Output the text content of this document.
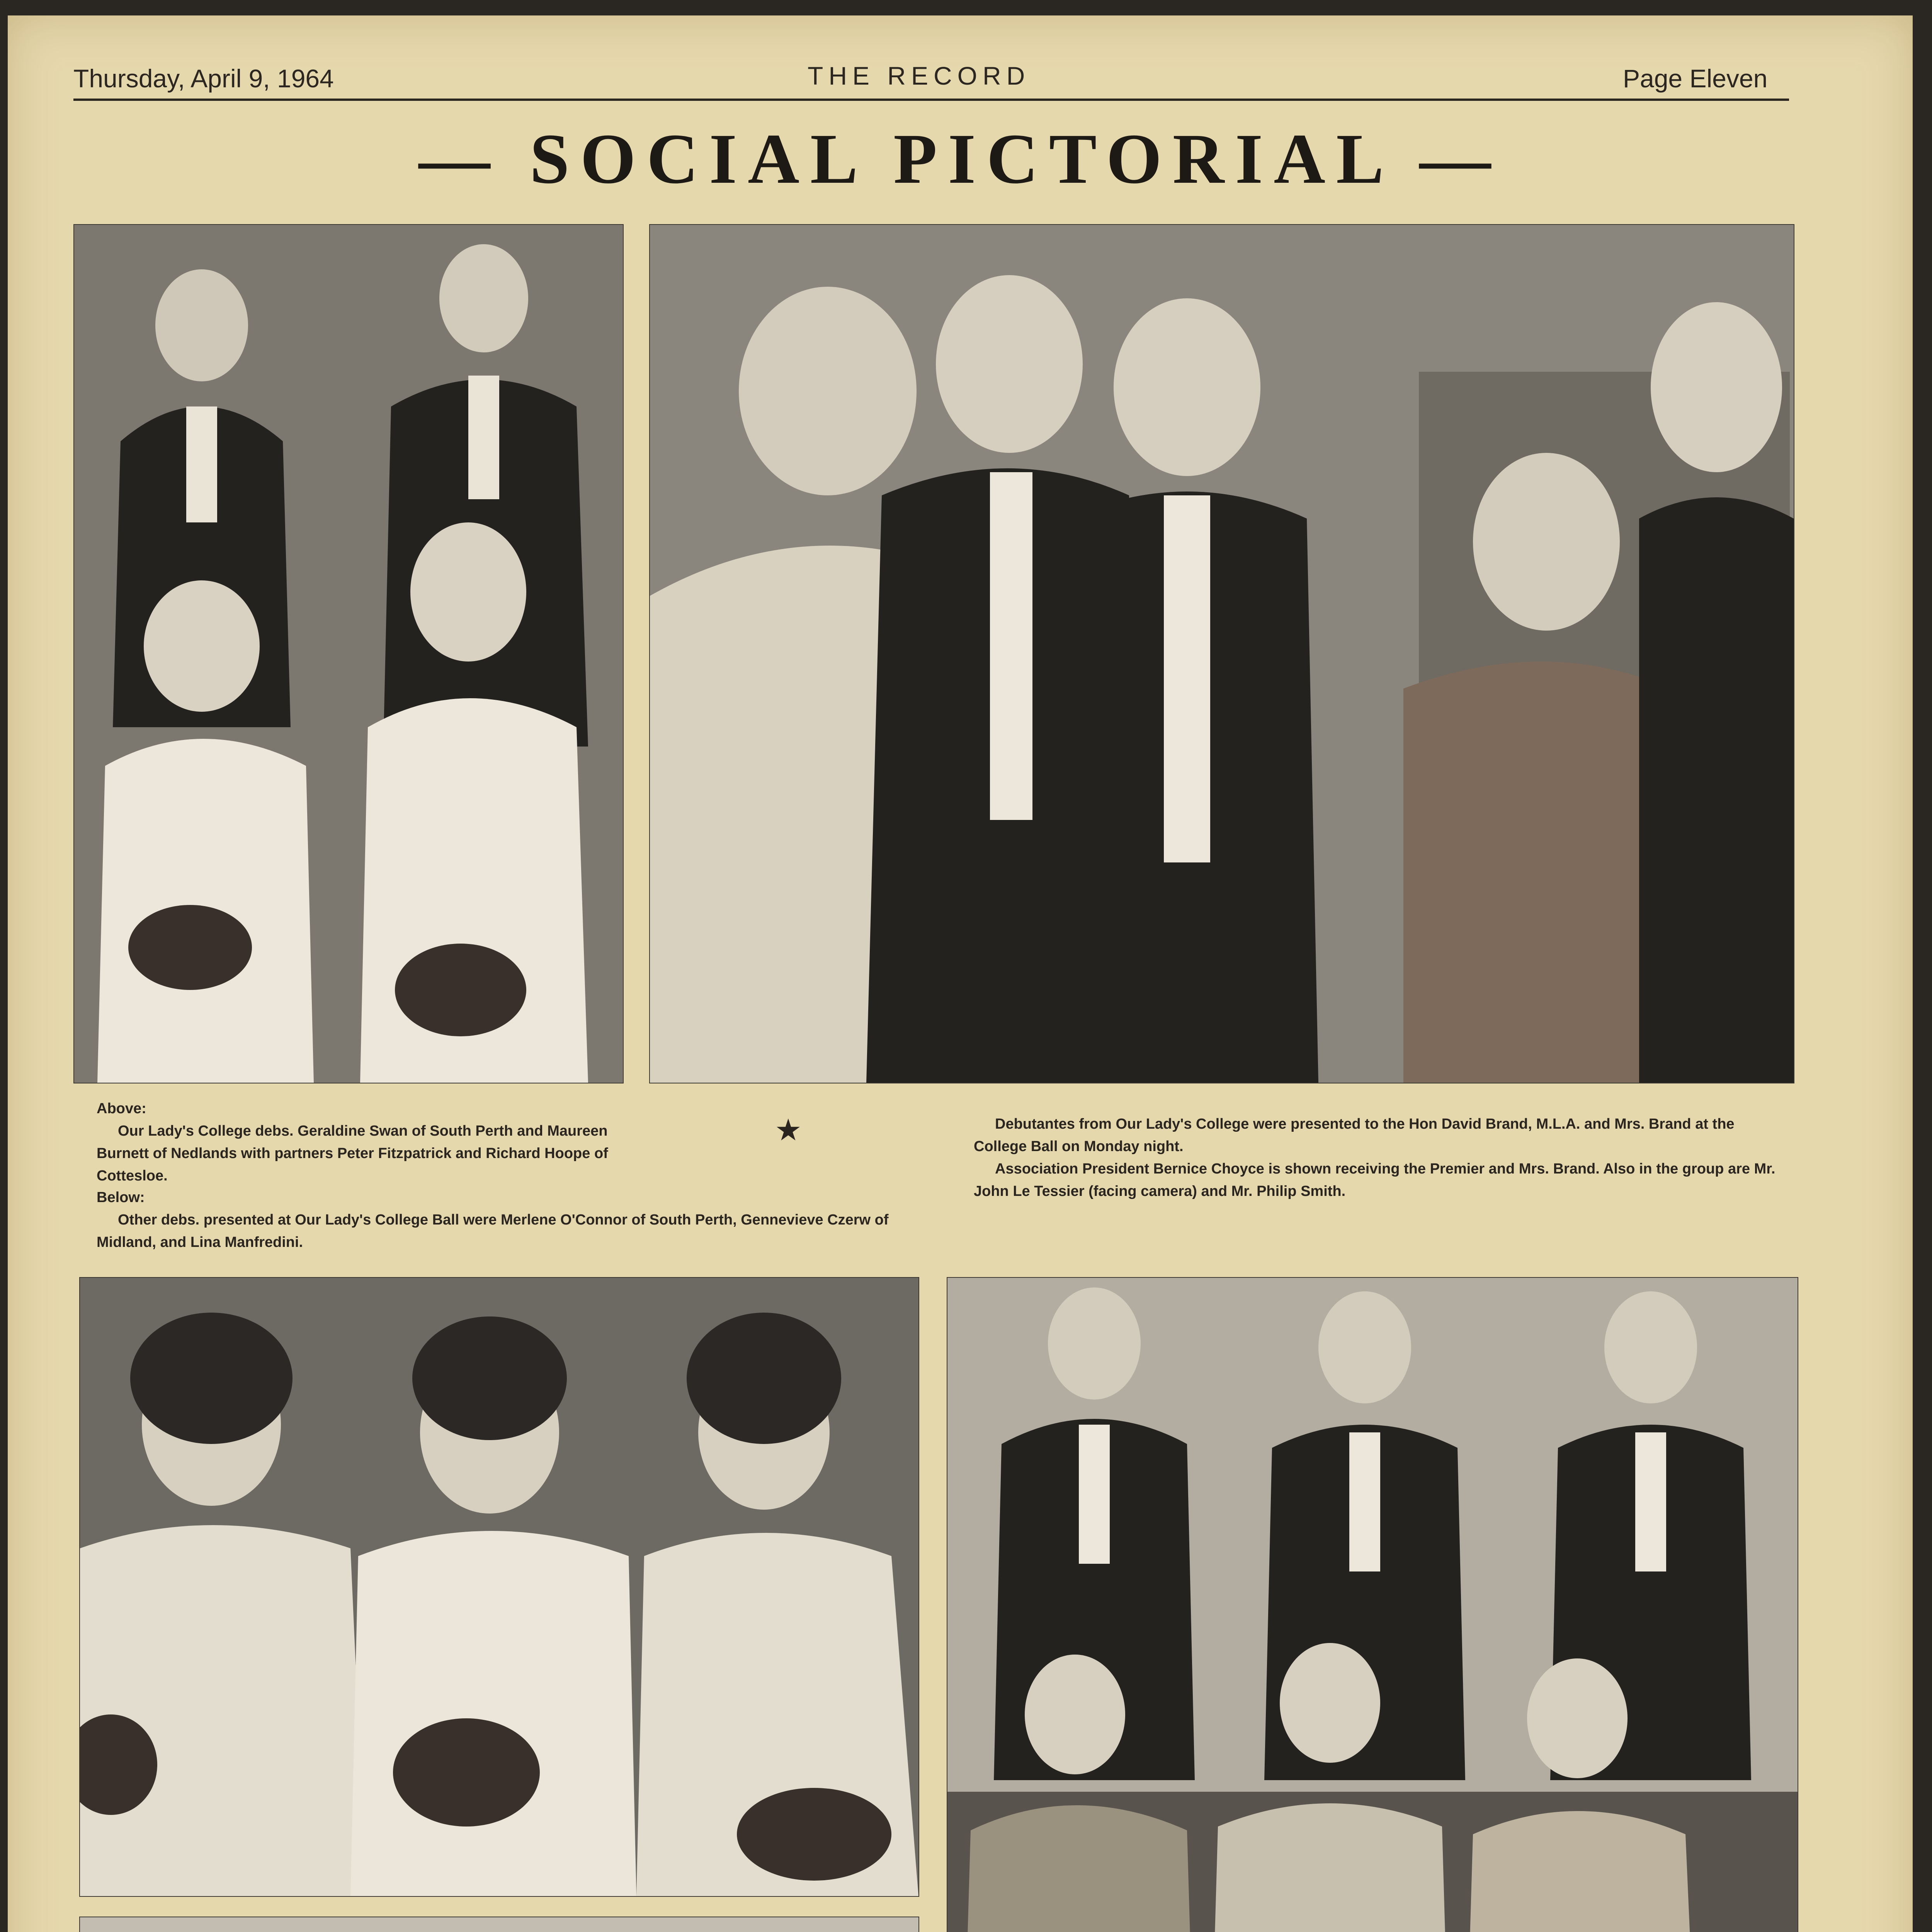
Thursday, April 9, 1964	THE RECORD	Page Eleven
— SOCIAL PICTORIAL —

Above:

Our Lady's College debs. Geraldine Swan of South Perth and Maureen Burnett of Nedlands with partners Peter Fitzpatrick and Richard Hoope of Cottesloe.

★

Below:

Other debs. presented at Our Lady's College Ball were Merlene O'Connor of South Perth, Gennevieve Czerw of Midland, and Lina Manfredini.

Debutantes from Our Lady's College were presented to the Hon David Brand, M.L.A. and Mrs. Brand at the College Ball on Monday night.

Association President Bernice Choyce is shown receiving the Premier and Mrs. Brand. Also in the group are Mr. John Le Tessier (facing camera) and Mr. Philip Smith.
